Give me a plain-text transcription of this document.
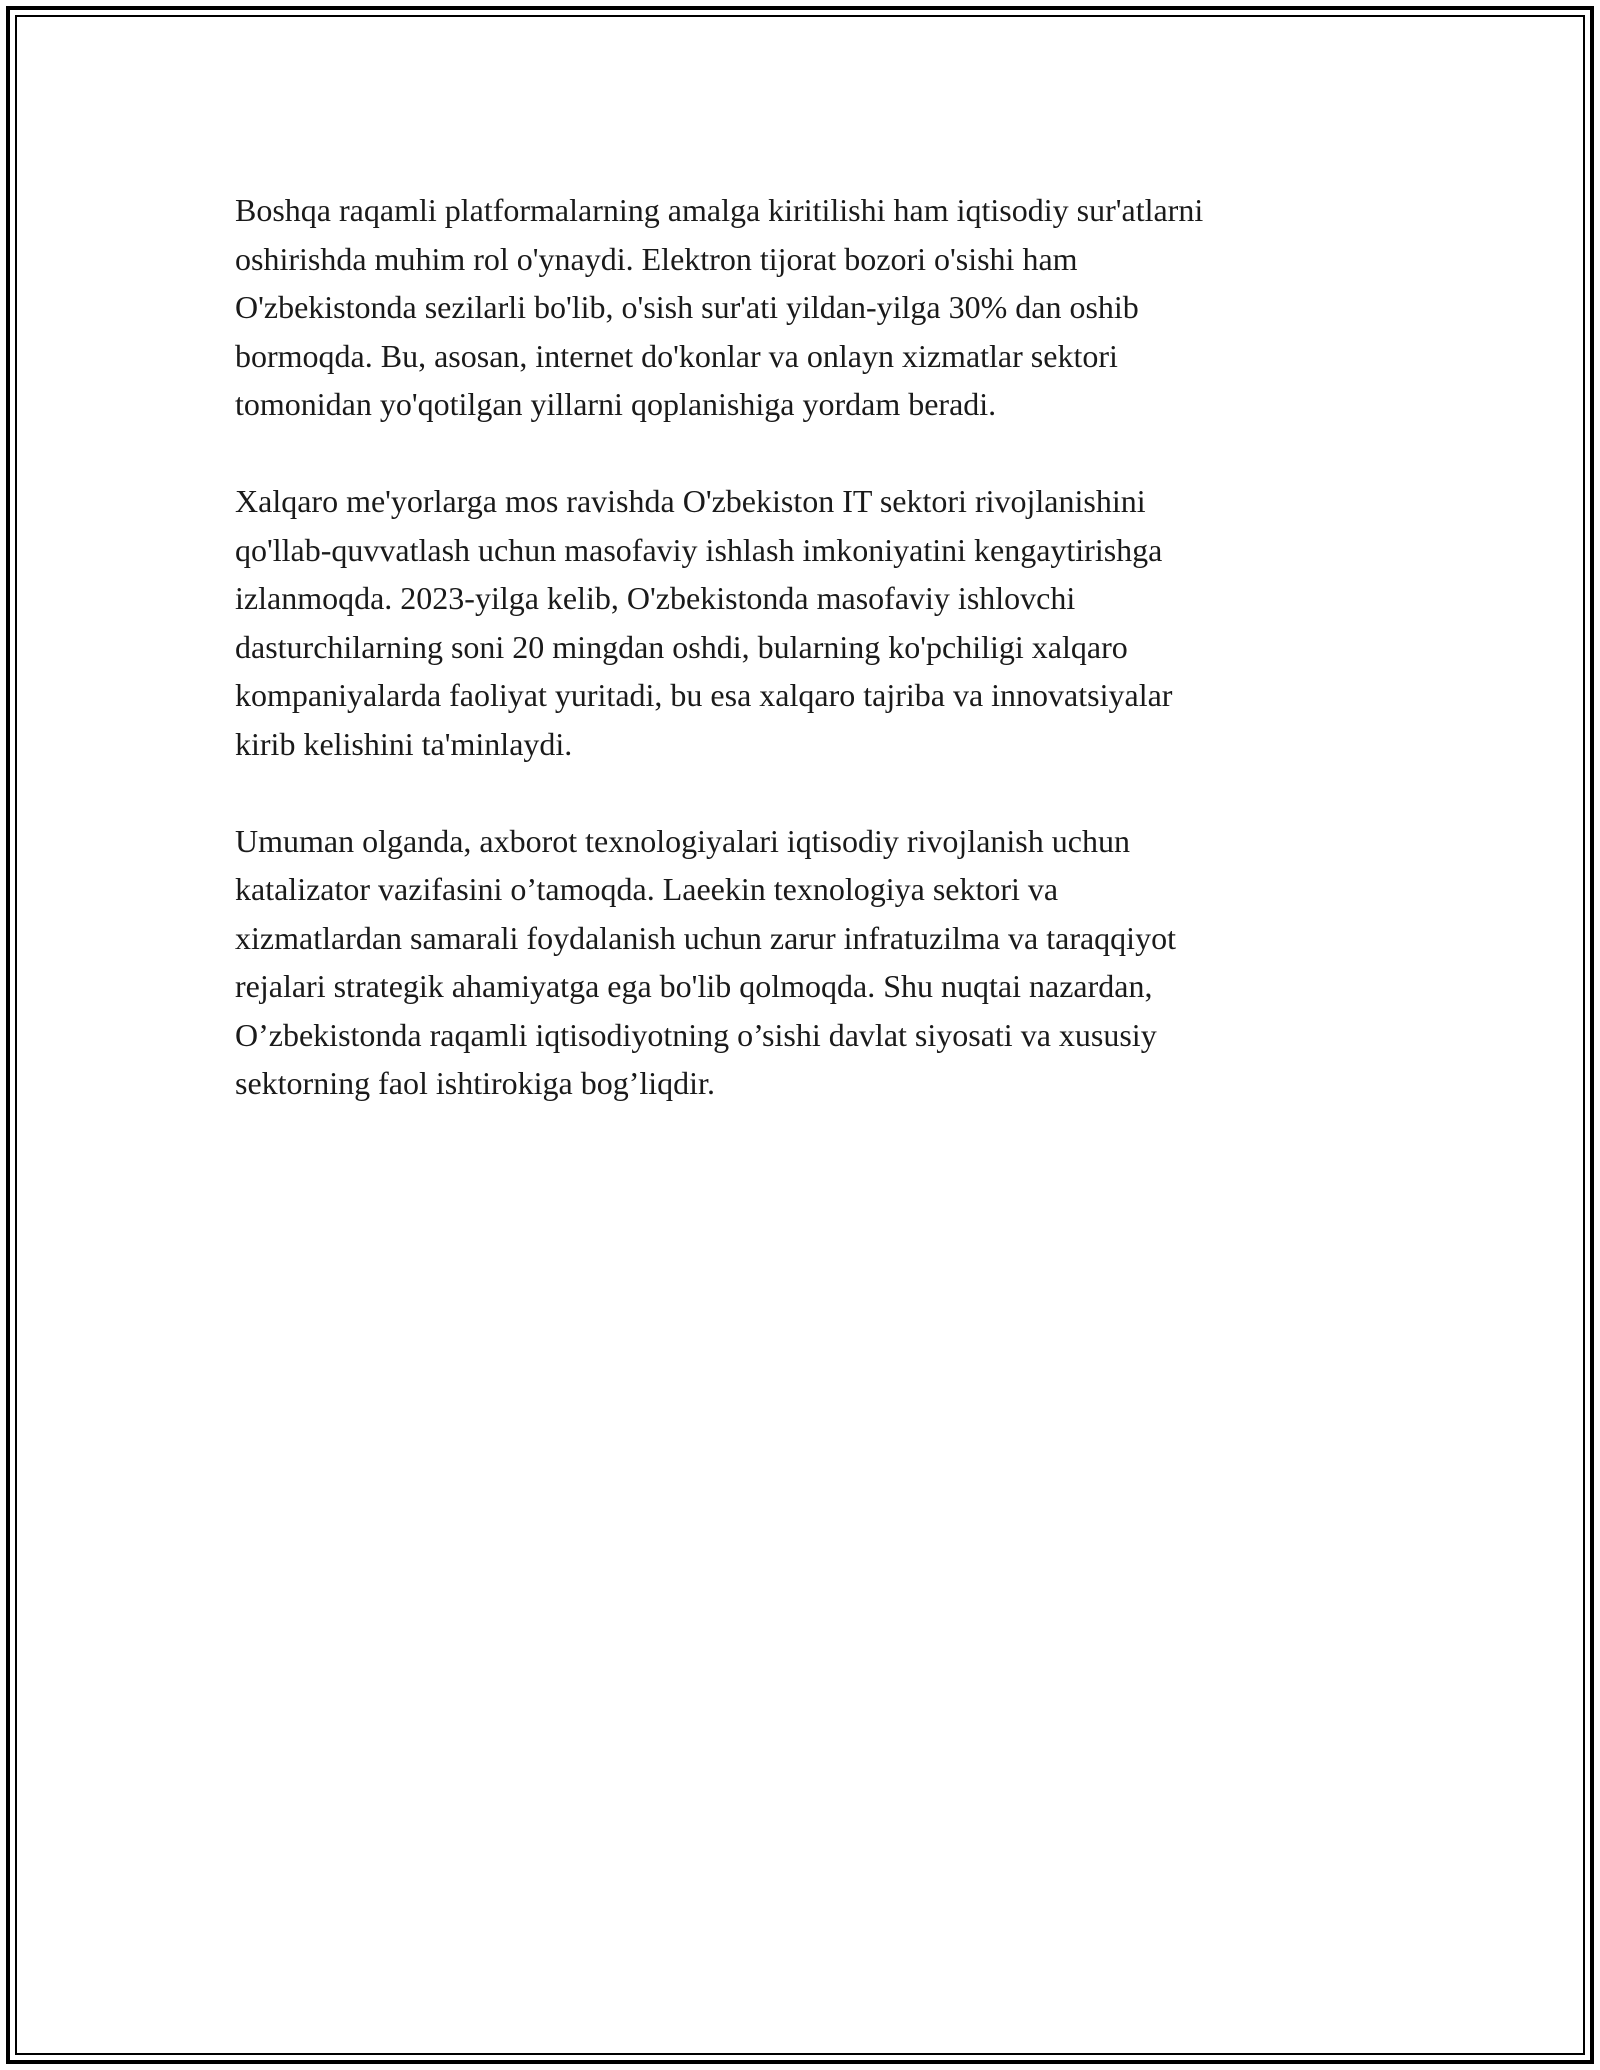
Boshqa raqamli platformalarning amalga kiritilishi ham iqtisodiy sur'atlarni
oshirishda muhim rol o'ynaydi. Elektron tijorat bozori o'sishi ham
O'zbekistonda sezilarli bo'lib, o'sish sur'ati yildan-yilga 30% dan oshib
bormoqda. Bu, asosan, internet do'konlar va onlayn xizmatlar sektori
tomonidan yo'qotilgan yillarni qoplanishiga yordam beradi.

Xalqaro me'yorlarga mos ravishda O'zbekiston IT sektori rivojlanishini
qo'llab-quvvatlash uchun masofaviy ishlash imkoniyatini kengaytirishga
izlanmoqda. 2023-yilga kelib, O'zbekistonda masofaviy ishlovchi
dasturchilarning soni 20 mingdan oshdi, bularning ko'pchiligi xalqaro
kompaniyalarda faoliyat yuritadi, bu esa xalqaro tajriba va innovatsiyalar
kirib kelishini ta'minlaydi.

Umuman olganda, axborot texnologiyalari iqtisodiy rivojlanish uchun
katalizator vazifasini o’tamoqda. Laeekin texnologiya sektori va
xizmatlardan samarali foydalanish uchun zarur infratuzilma va taraqqiyot
rejalari strategik ahamiyatga ega bo'lib qolmoqda. Shu nuqtai nazardan,
O’zbekistonda raqamli iqtisodiyotning o’sishi davlat siyosati va xususiy
sektorning faol ishtirokiga bog’liqdir.
